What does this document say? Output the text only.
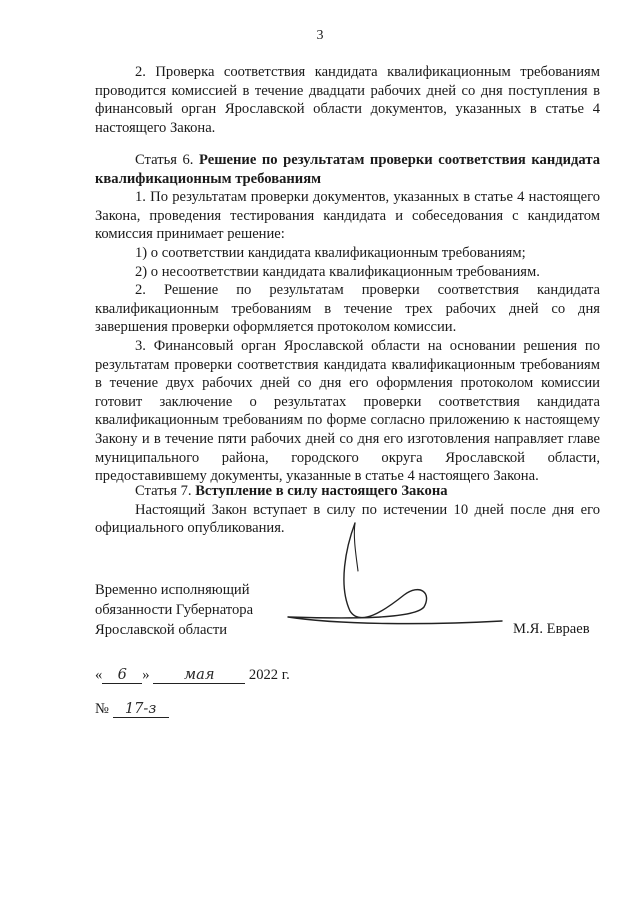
3

2. Проверка соответствия кандидата квалификационным требованиям проводится комиссией в течение двадцати рабочих дней со дня поступления в финансовый орган Ярославской области документов, указанных в статье 4 настоящего Закона.

Статья 6. Решение по результатам проверки соответствия кандидата квалификационным требованиям

1. По результатам проверки документов, указанных в статье 4 настоящего Закона, проведения тестирования кандидата и собеседования с кандидатом комиссия принимает решение:

1) о соответствии кандидата квалификационным требованиям;

2) о несоответствии кандидата квалификационным требованиям.

2. Решение по результатам проверки соответствия кандидата квалификационным требованиям в течение трех рабочих дней со дня завершения проверки оформляется протоколом комиссии.

3. Финансовый орган Ярославской области на основании решения по результатам проверки соответствия кандидата квалификационным требованиям в течение двух рабочих дней со дня его оформления протоколом комиссии готовит заключение о результатах проверки соответствия кандидата квалификационным требованиям по форме согласно приложению к настоящему Закону и в течение пяти рабочих дней со дня его изготовления направляет главе муниципального района, городского округа Ярославской области, предоставившему документы, указанные в статье 4 настоящего Закона.

Статья 7. Вступление в силу настоящего Закона

Настоящий Закон вступает в силу по истечении 10 дней после дня его официального опубликования.

Временно исполняющий
обязанности Губернатора
Ярославской области	М.Я. Евраев
« 6 » мая 2022 г.
№ 17-з
